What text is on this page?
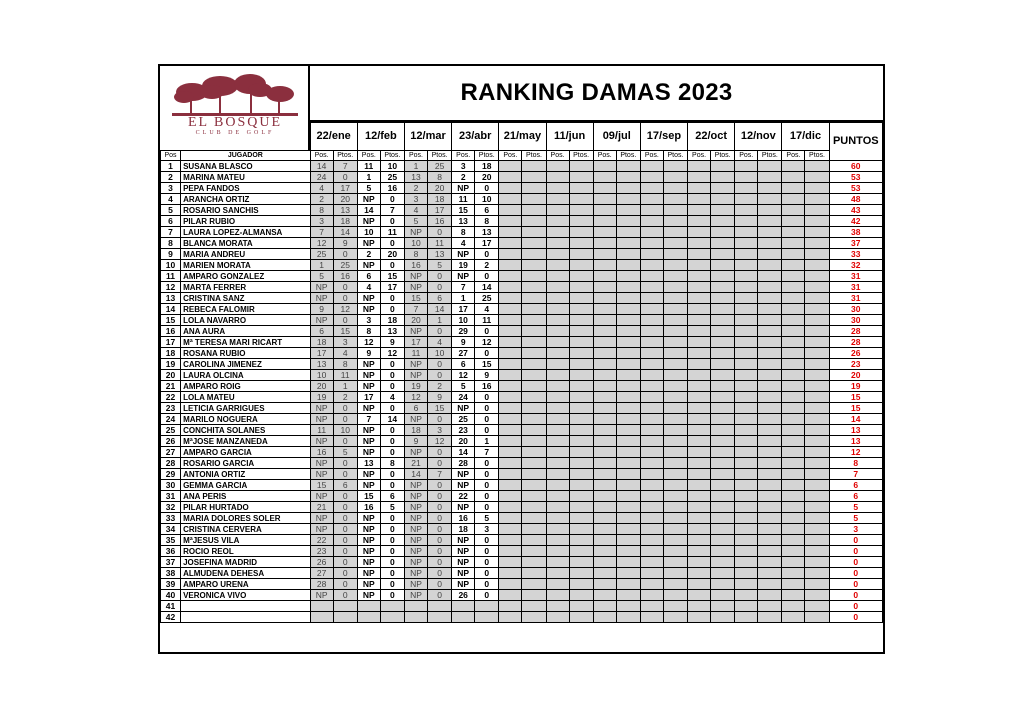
EL BOSQUE
CLUB DE GOLF
RANKING DAMAS 2023
		22/ene		12/feb		12/mar		23/abr		21/may		11/jun		09/jul		17/sep		22/oct		12/nov		17/dic		PUNTOS
Pos	JUGADOR	Pos.	Ptos.	Pos.	Ptos.	Pos.	Ptos.	Pos.	Ptos.	Pos.	Ptos.	Pos.	Ptos.	Pos.	Ptos.	Pos.	Ptos.	Pos.	Ptos.	Pos.	Ptos.	Pos.	Ptos.	
1	SUSANA BLASCO	14	7	11	10	1	25	3	18															60
2	MARINA MATEU	24	0	1	25	13	8	2	20															53
3	PEPA FANDOS	4	17	5	16	2	20	NP	0															53
4	ARANCHA ORTIZ	2	20	NP	0	3	18	11	10															48
5	ROSARIO SANCHIS	8	13	14	7	4	17	15	6															43
6	PILAR RUBIO	3	18	NP	0	5	16	13	8															42
7	LAURA LOPEZ-ALMANSA	7	14	10	11	NP	0	8	13															38
8	BLANCA MORATA	12	9	NP	0	10	11	4	17															37
9	MARIA ANDREU	25	0	2	20	8	13	NP	0															33
10	MARIEN MORATA	1	25	NP	0	16	5	19	2															32
11	AMPARO GONZALEZ	5	16	6	15	NP	0	NP	0															31
12	MARTA FERRER	NP	0	4	17	NP	0	7	14															31
13	CRISTINA SANZ	NP	0	NP	0	15	6	1	25															31
14	REBECA FALOMIR	9	12	NP	0	7	14	17	4															30
15	LOLA NAVARRO	NP	0	3	18	20	1	10	11															30
16	ANA AURA	6	15	8	13	NP	0	29	0															28
17	Mª TERESA MARI RICART	18	3	12	9	17	4	9	12															28
18	ROSANA RUBIO	17	4	9	12	11	10	27	0															26
19	CAROLINA JIMENEZ	13	8	NP	0	NP	0	6	15															23
20	LAURA OLCINA	10	11	NP	0	NP	0	12	9															20
21	AMPARO ROIG	20	1	NP	0	19	2	5	16															19
22	LOLA MATEU	19	2	17	4	12	9	24	0															15
23	LETICIA GARRIGUES	NP	0	NP	0	6	15	NP	0															15
24	MARILO NOGUERA	NP	0	7	14	NP	0	25	0															14
25	CONCHITA SOLANES	11	10	NP	0	18	3	23	0															13
26	MªJOSE MANZANEDA	NP	0	NP	0	9	12	20	1															13
27	AMPARO GARCIA	16	5	NP	0	NP	0	14	7															12
28	ROSARIO GARCIA	NP	0	13	8	21	0	28	0															8
29	ANTONIA ORTIZ	NP	0	NP	0	14	7	NP	0															7
30	GEMMA GARCIA	15	6	NP	0	NP	0	NP	0															6
31	ANA PERIS	NP	0	15	6	NP	0	22	0															6
32	PILAR HURTADO	21	0	16	5	NP	0	NP	0															5
33	MARIA DOLORES SOLER	NP	0	NP	0	NP	0	16	5															5
34	CRISTINA CERVERA	NP	0	NP	0	NP	0	18	3															3
35	MªJESUS VILA	22	0	NP	0	NP	0	NP	0															0
36	ROCIO REOL	23	0	NP	0	NP	0	NP	0															0
37	JOSEFINA MADRID	26	0	NP	0	NP	0	NP	0															0
38	ALMUDENA DEHESA	27	0	NP	0	NP	0	NP	0															0
39	AMPARO URENA	28	0	NP	0	NP	0	NP	0															0
40	VERONICA VIVO	NP	0	NP	0	NP	0	26	0															0
41																								0
42																								0
